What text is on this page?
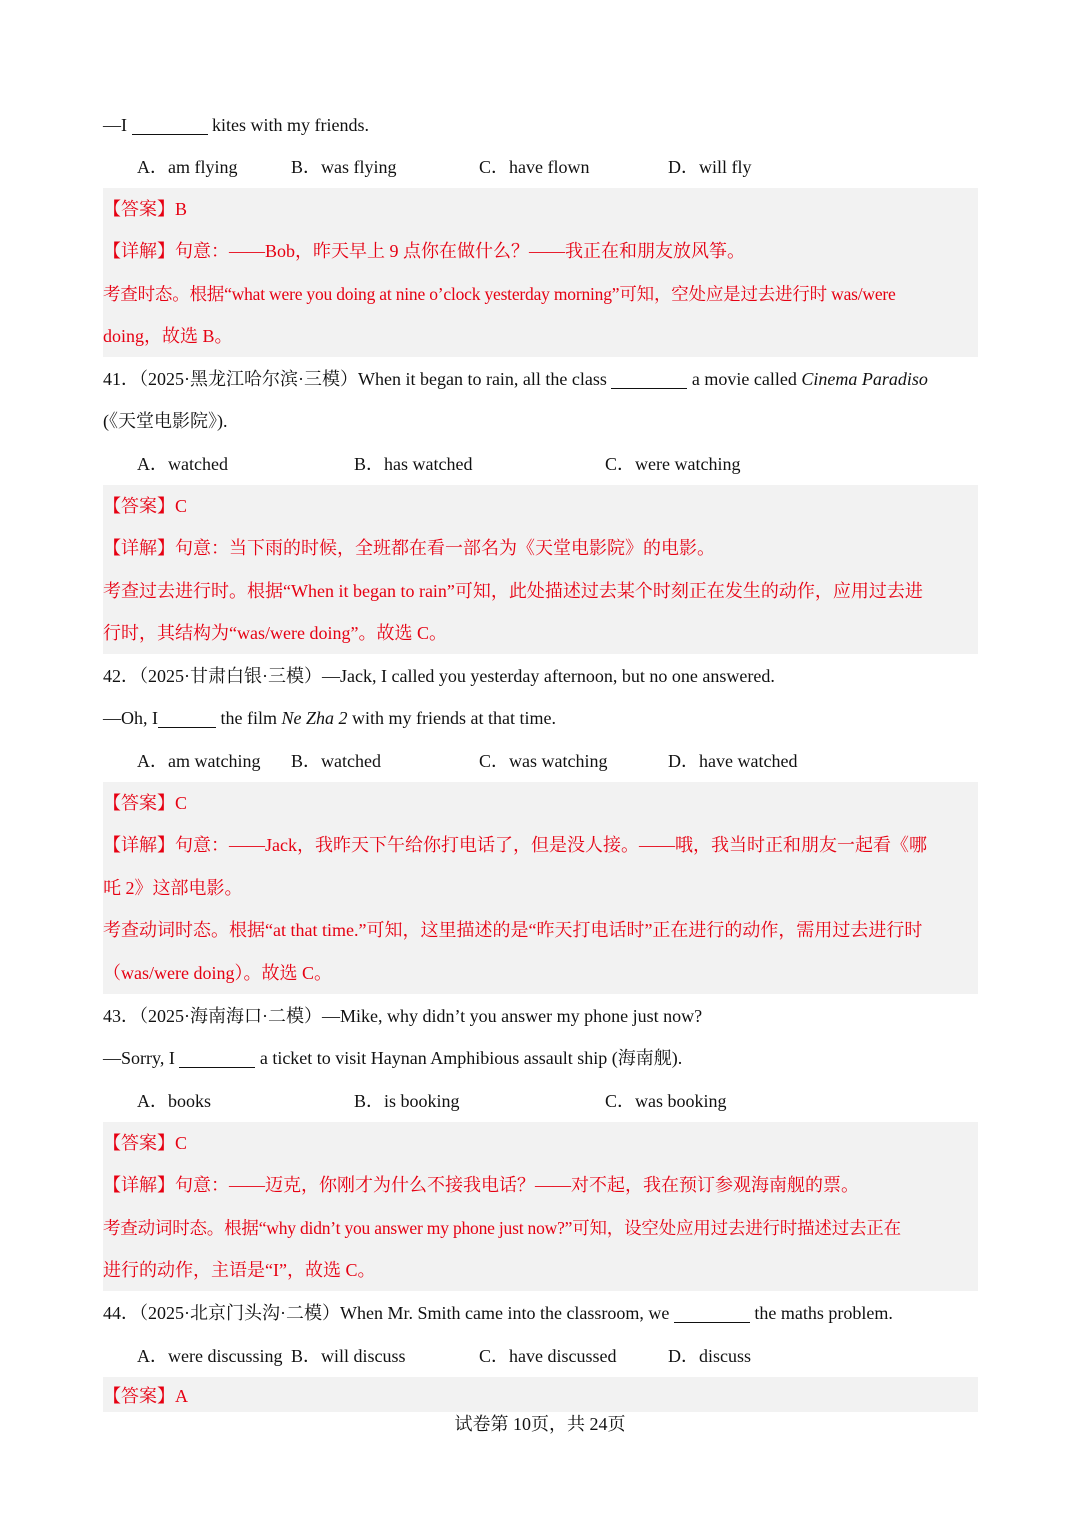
—I	kites with my friends.
A．am flying	B．was flying	C．have flown	D．will fly
【答案】B
【详解】句意：——Bob，昨天早上 9 点你在做什么？——我正在和朋友放风筝。
考查时态。根据“what were you doing at nine o’clock yesterday morning”可知，空处应是过去进行时 was/were
doing，故选 B。
41．（2025·黑龙江哈尔滨·三模）When it began to rain, all the class	a movie called Cinema Paradiso
(《天堂电影院》).
A．watched	B．has watched	C．were watching
【答案】C
【详解】句意：当下雨的时候，全班都在看一部名为《天堂电影院》的电影。
考查过去进行时。根据“When it began to rain”可知，此处描述过去某个时刻正在发生的动作，应用过去进
行时，其结构为“was/were doing”。故选 C。
42．（2025·甘肃白银·三模）—Jack, I called you yesterday afternoon, but no one answered.
—Oh, I	the film Ne Zha 2 with my friends at that time.
A．am watching B．watched	C．was watching	D．have watched
【答案】C
【详解】句意：——Jack，我昨天下午给你打电话了，但是没人接。——哦，我当时正和朋友一起看《哪
吒 2》这部电影。
考查动词时态。根据“at that time.”可知，这里描述的是“昨天打电话时”正在进行的动作，需用过去进行时
（was/were doing）。故选 C。
43．（2025·海南海口·二模）—Mike, why didn’t you answer my phone just now?
—Sorry, I	a ticket to visit Haynan Amphibious assault ship (海南舰).
A．books	B．is booking	C．was booking
【答案】C
【详解】句意：——迈克，你刚才为什么不接我电话？——对不起，我在预订参观海南舰的票。
考查动词时态。根据“why didn’t you answer my phone just now?”可知，设空处应用过去进行时描述过去正在
进行的动作，主语是“I”，故选 C。
44．（2025·北京门头沟·二模）When Mr. Smith came into the classroom, we	the maths problem.
A．were discussing B．will discuss	C．have discussed	D．discuss
【答案】A
试卷第 10页，共 24页
